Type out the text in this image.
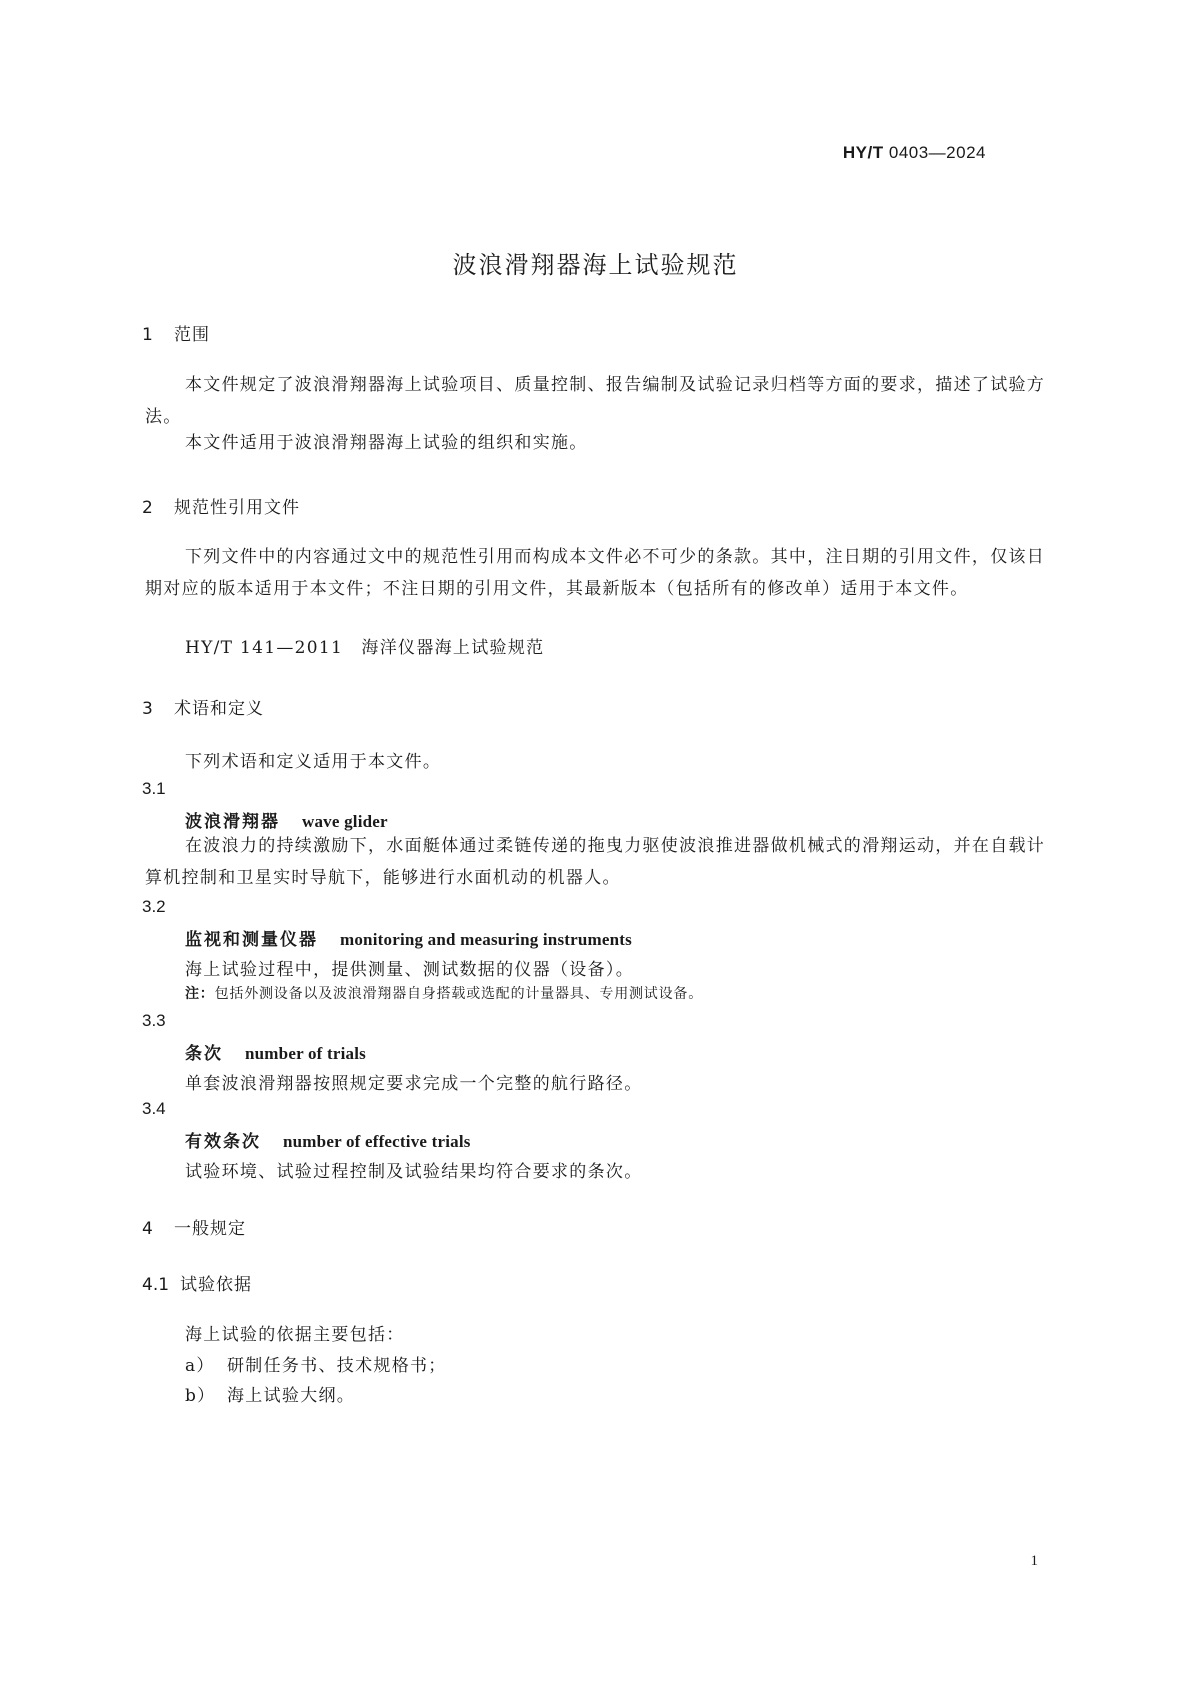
HY/T 0403—2024
波浪滑翔器海上试验规范
1 范围
本文件规定了波浪滑翔器海上试验项目、质量控制、报告编制及试验记录归档等方面的要求，描述了试验方法。
本文件适用于波浪滑翔器海上试验的组织和实施。
2 规范性引用文件
下列文件中的内容通过文中的规范性引用而构成本文件必不可少的条款。其中，注日期的引用文件，仅该日期对应的版本适用于本文件；不注日期的引用文件，其最新版本（包括所有的修改单）适用于本文件。
HY/T 141—2011　海洋仪器海上试验规范
3 术语和定义
下列术语和定义适用于本文件。
3.1
波浪滑翔器 wave glider
在波浪力的持续激励下，水面艇体通过柔链传递的拖曳力驱使波浪推进器做机械式的滑翔运动，并在自载计算机控制和卫星实时导航下，能够进行水面机动的机器人。
3.2
监视和测量仪器 monitoring and measuring instruments
海上试验过程中，提供测量、测试数据的仪器（设备）。
注：包括外测设备以及波浪滑翔器自身搭载或选配的计量器具、专用测试设备。
3.3
条次 number of trials
单套波浪滑翔器按照规定要求完成一个完整的航行路径。
3.4
有效条次 number of effective trials
试验环境、试验过程控制及试验结果均符合要求的条次。
4 一般规定
4.1 试验依据
海上试验的依据主要包括：
a） 研制任务书、技术规格书；
b） 海上试验大纲。
1
